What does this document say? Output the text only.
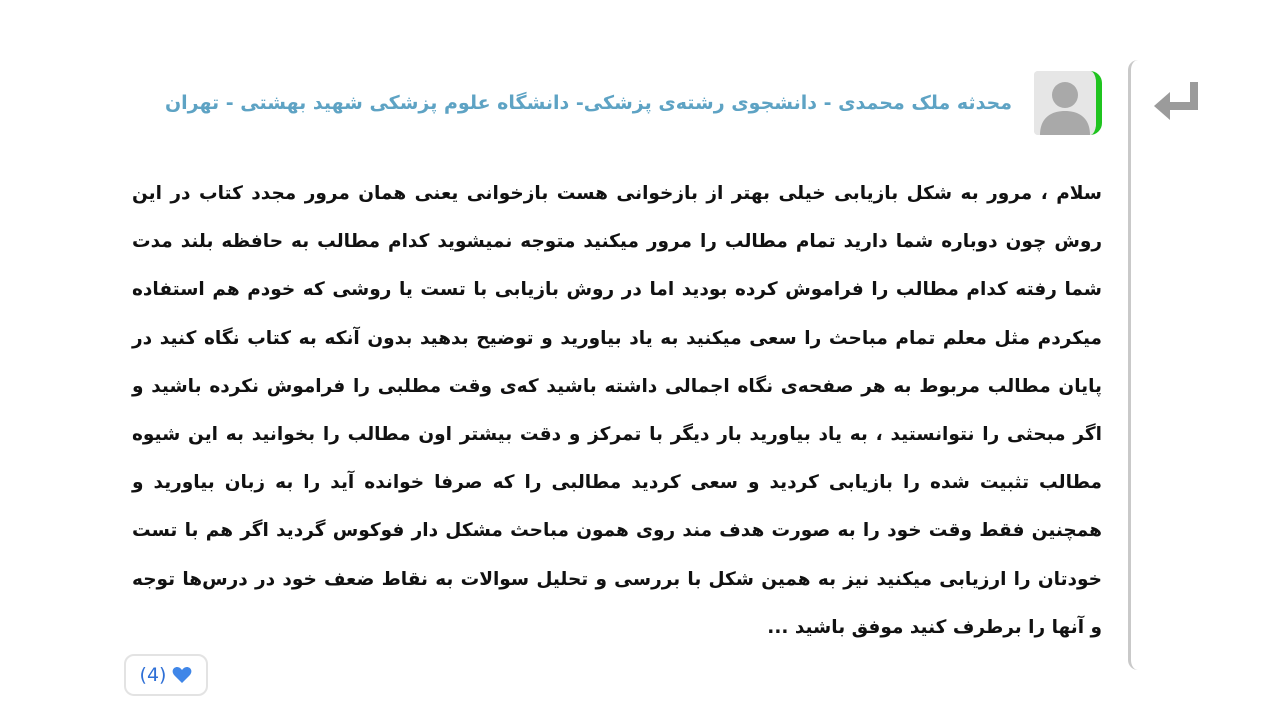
محدثه ملک محمدی - دانشجوی رشته‌ی پزشکی- دانشگاه علوم پزشکی شهید بهشتی - تهران
سلام ، مرور به شکل بازیابی خیلی بهتر از بازخوانی هست بازخوانی یعنی همان مرور مجدد کتاب در این روش چون دوباره شما دارید تمام مطالب را مرور میکنید متوجه نمیشوید کدام مطالب به حافظه بلند مدت شما رفته کدام مطالب را فراموش کرده بودید اما در روش بازیابی با تست یا روشی که خودم هم استفاده میکردم مثل معلم تمام مباحث را سعی میکنید به یاد بیاورید و توضیح بدهید بدون آنکه به کتاب نگاه کنید در پایان مطالب مربوط به هر صفحه‌ی نگاه اجمالی داشته باشید که‌ی وقت مطلبی را فراموش نکرده باشید و اگر مبحثی را نتوانستید ، به یاد بیاورید بار دیگر با تمرکز و دقت بیشتر اون مطالب را بخوانید به این شیوه مطالب تثبیت شده را بازیابی کردید و سعی کردید مطالبی را که صرفا خوانده آید را به زبان بیاورید و همچنین فقط وقت خود را به صورت هدف مند روی همون مباحث مشکل دار فوکوس گردید اگر هم با تست خودتان را ارزیابی میکنید نیز به همین شکل با بررسی و تحلیل سوالات به نقاط ضعف خود در درس‌ها توجه و آنها را برطرف کنید موفق باشید ...
(4)
